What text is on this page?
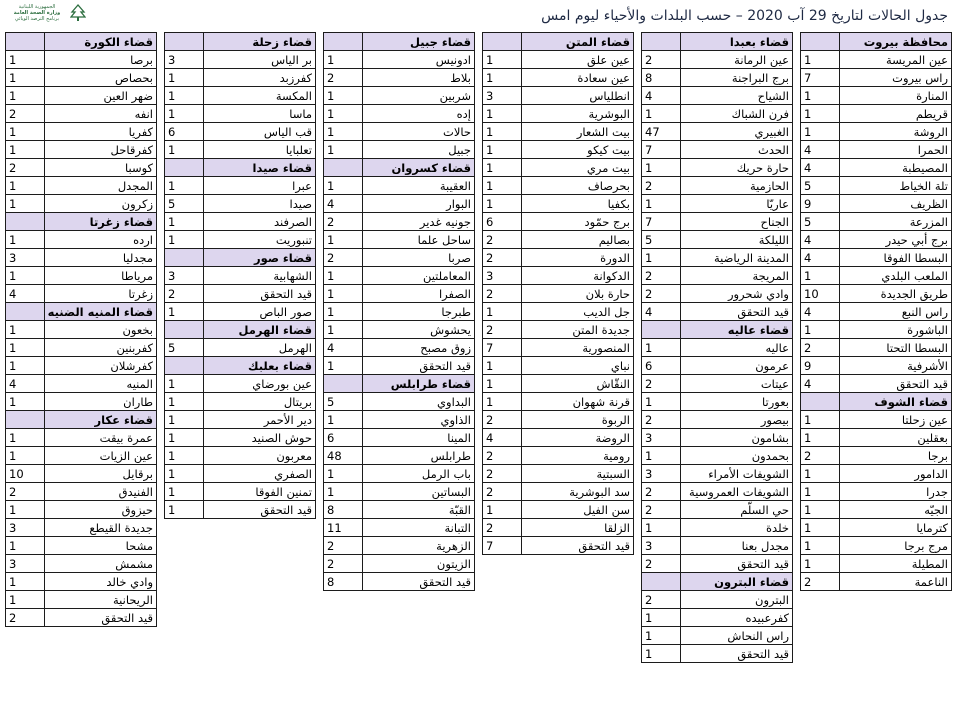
الجمهورية اللبنانية
وزارة الصحة العامة
برنامج الترصد الوبائي	جدول الحالات لتاريخ 29 آب 2020 – حسب البلدات والأحياء ليوم امس
محافظة بيروت	
عين المريسة	1
راس بيروت	7
المنارة	1
قريطم	1
الروشة	1
الحمرا	4
المصيطبة	4
تلة الخياط	5
الظريف	9
المزرعة	5
برج أبي حيدر	4
البسطا الفوقا	4
الملعب البلدي	1
طريق الجديدة	10
راس النبع	4
الباشورة	1
البسطا التحتا	2
الأشرفية	9
قيد التحقق	4
قضاء الشوف	
عين زحلتا	1
بعقلين	1
برجا	2
الدامور	1
جدرا	1
الجيّه	1
كترمايا	1
مرج برجا	1
المطيلة	1
الناعمة	2
قضاء بعبدا	
عين الرمانة	2
برج البراجنة	8
الشياح	4
فرن الشباك	1
الغبيري	47
الحدث	7
حارة حريك	1
الحازمية	2
عاريّا	1
الجناح	7
الليلكة	5
المدينة الرياضية	1
المريجة	2
وادي شحرور	2
قيد التحقق	4
قضاء عاليه	
عاليه	1
عرمون	6
عيتات	2
بعورتا	1
بيصور	2
بشامون	3
بحمدون	1
الشويفات الأمراء	3
الشويفات العمروسية	2
حي السلّم	2
خلدة	1
مجدل بعنا	3
قيد التحقق	2
قضاء البترون	
البترون	2
كفرعبيده	1
راس النحاش	1
قيد التحقق	1
قضاء المتن	
عين علق	1
عين سعادة	1
انطلياس	3
البوشرية	1
بيت الشعار	1
بيت كيكو	1
بيت مري	1
بحرصاف	1
بكفيا	1
برج حمّود	6
بصاليم	2
الدورة	2
الدكوانة	3
حارة بلان	2
جل الديب	1
جديدة المتن	2
المنصورية	7
نباي	1
النقّاش	1
قرنة شهوان	1
الربوة	2
الروضة	4
رومية	2
السبتية	2
سد البوشرية	2
سن الفيل	1
الزلقا	2
قيد التحقق	7
قضاء جبيل	
ادونيس	1
بلاط	2
شربين	1
إده	1
حالات	1
جبيل	1
قضاء كسروان	
العقيبة	1
البوار	4
جونيه غدير	2
ساحل علما	1
صربا	2
المعاملتين	1
الصفرا	1
طبرجا	1
يحشوش	1
زوق مصبح	4
قيد التحقق	1
قضاء طرابلس	
البداوي	5
الذاوي	1
المينا	6
طرابلس	48
باب الرمل	1
البساتين	1
القبّة	8
التبانة	11
الزهرية	2
الزيتون	2
قيد التحقق	8
قضاء زحلة	
بر الياس	3
كفرزبد	1
المكسة	1
ماسا	1
قب الياس	6
تعلبايا	1
قضاء صيدا	
عبرا	1
صيدا	5
الصرفند	1
تنبوريت	1
قضاء صور	
الشهابية	3
قيد التحقق	2
صور الباص	1
قضاء الهرمل	
الهرمل	5
قضاء بعلبك	
عين بورضاي	1
بريتال	1
دير الأحمر	1
حوش الصنيد	1
معربون	1
الصفري	1
تمنين الفوقا	1
قيد التحقق	1
قضاء الكورة	
برصا	1
بحصاص	1
ضهر العين	1
انفه	2
كفريا	1
كفرقاحل	1
كوسبا	2
المجدل	1
زكرون	1
قضاء زغرتا	
ارده	1
مجدليا	3
مرياطا	1
زغرتا	4
قضاء المنيه الضنيه	
بخعون	1
كفربنين	1
كفرشلان	1
المنيه	4
طاران	1
قضاء عكار	
عمرة بيقت	1
عين الزيات	1
برقايل	10
الفنيدق	2
حيزوق	1
جديدة القيطع	3
مشحا	1
مشمش	3
وادي خالد	1
الريحانية	1
قيد التحقق	2
